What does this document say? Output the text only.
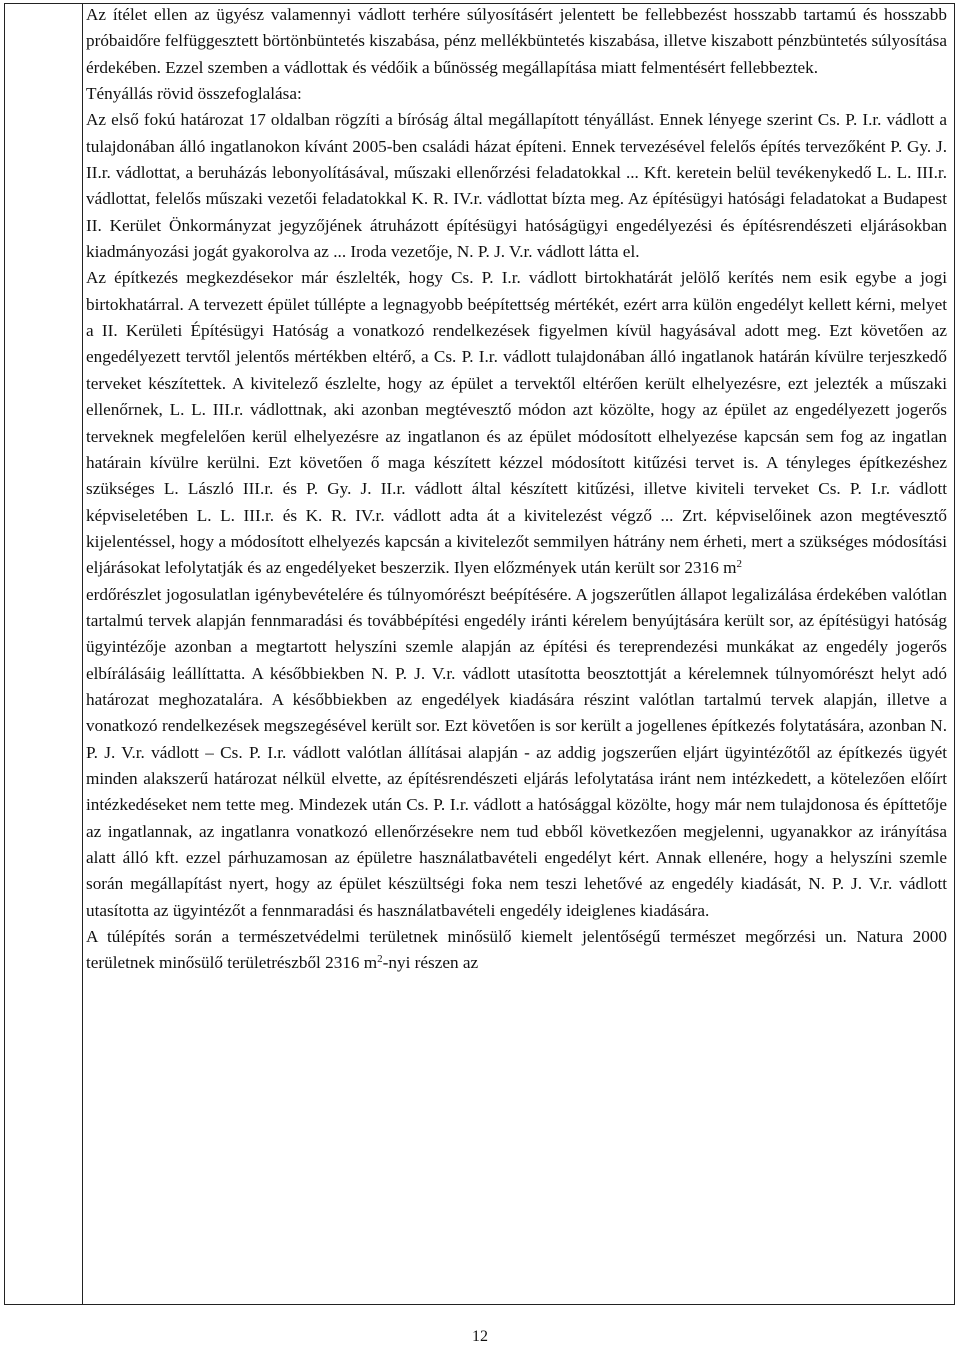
Az ítélet ellen az ügyész valamennyi vádlott terhére súlyosításért jelentett be fellebbezést hosszabb tartamú és hosszabb próbaidőre felfüggesztett börtönbüntetés kiszabása, pénz mellékbüntetés kiszabása, illetve kiszabott pénzbüntetés súlyosítása érdekében. Ezzel szemben a vádlottak és védőik a bűnösség megállapítása miatt felmentésért fellebbeztek.

Tényállás rövid összefoglalása:

Az első fokú határozat 17 oldalban rögzíti a bíróság által megállapított tényállást. Ennek lényege szerint Cs. P. I.r. vádlott a tulajdonában álló ingatlanokon kívánt 2005-ben családi házat építeni. Ennek tervezésével felelős építés tervezőként P. Gy. J. II.r. vádlottat, a beruházás lebonyolításával, műszaki ellenőrzési feladatokkal ... Kft. keretein belül tevékenykedő L. L. III.r. vádlottat, felelős műszaki vezetői feladatokkal K. R. IV.r. vádlottat bízta meg. Az építésügyi hatósági feladatokat a Budapest II. Kerület Önkormányzat jegyzőjének átruházott építésügyi hatóságügyi engedélyezési és építésrendészeti eljárásokban kiadmányozási jogát gyakorolva az ... Iroda vezetője, N. P. J. V.r. vádlott látta el.

Az építkezés megkezdésekor már észlelték, hogy Cs. P. I.r. vádlott birtokhatárát jelölő kerítés nem esik egybe a jogi birtokhatárral. A tervezett épület túllépte a legnagyobb beépítettség mértékét, ezért arra külön engedélyt kellett kérni, melyet a II. Kerületi Építésügyi Hatóság a vonatkozó rendelkezések figyelmen kívül hagyásával adott meg. Ezt követően az engedélyezett tervtől jelentős mértékben eltérő, a Cs. P. I.r. vádlott tulajdonában álló ingatlanok határán kívülre terjeszkedő terveket készítettek. A kivitelező észlelte, hogy az épület a tervektől eltérően került elhelyezésre, ezt jelezték a műszaki ellenőrnek, L. L. III.r. vádlottnak, aki azonban megtévesztő módon azt közölte, hogy az épület az engedélyezett jogerős terveknek megfelelően kerül elhelyezésre az ingatlanon és az épület módosított elhelyezése kapcsán sem fog az ingatlan határain kívülre kerülni. Ezt követően ő maga készített kézzel módosított kitűzési tervet is. A tényleges építkezéshez szükséges L. László III.r. és P. Gy. J. II.r. vádlott által készített kitűzési, illetve kiviteli terveket Cs. P. I.r. vádlott képviseletében L. L. III.r. és K. R. IV.r. vádlott adta át a kivitelezést végző ... Zrt. képviselőinek azon megtévesztő kijelentéssel, hogy a módosított elhelyezés kapcsán a kivitelezőt semmilyen hátrány nem érheti, mert a szükséges módosítási eljárásokat lefolytatják és az engedélyeket beszerzik. Ilyen előzmények után került sor 2316 $m^2$

erdőrészlet jogosulatlan igénybevételére és túlnyomórészt beépítésére. A jogszerűtlen állapot legalizálása érdekében valótlan tartalmú tervek alapján fennmaradási és továbbépítési engedély iránti kérelem benyújtására került sor, az építésügyi hatóság ügyintézője azonban a megtartott helyszíni szemle alapján az építési és tereprendezési munkákat az engedély jogerős elbírálásáig leállíttatta. A későbbiekben N. P. J. V.r. vádlott utasította beosztottját a kérelemnek túlnyomórészt helyt adó határozat meghozatalára. A későbbiekben az engedélyek kiadására részint valótlan tartalmú tervek alapján, illetve a vonatkozó rendelkezések megszegésével került sor. Ezt követően is sor került a jogellenes építkezés folytatására, azonban N. P. J. V.r. vádlott – Cs. P. I.r. vádlott valótlan állításai alapján - az addig jogszerűen eljárt ügyintézőtől az építkezés ügyét minden alakszerű határozat nélkül elvette, az építésrendészeti eljárás lefolytatása iránt nem intézkedett, a kötelezően előírt intézkedéseket nem tette meg. Mindezek után Cs. P. I.r. vádlott a hatósággal közölte, hogy már nem tulajdonosa és építtetője az ingatlannak, az ingatlanra vonatkozó ellenőrzésekre nem tud ebből következően megjelenni, ugyanakkor az irányítása alatt álló kft. ezzel párhuzamosan az épületre használatbavételi engedélyt kért. Annak ellenére, hogy a helyszíni szemle során megállapítást nyert, hogy az épület készültségi foka nem teszi lehetővé az engedély kiadását, N. P. J. V.r. vádlott utasította az ügyintézőt a fennmaradási és használatbavételi engedély ideiglenes kiadására.

A túlépítés során a természetvédelmi területnek minősülő kiemelt jelentőségű természet megőrzési un. Natura 2000 területnek minősülő területrészből 2316 $m^2$-nyi részen az

12
